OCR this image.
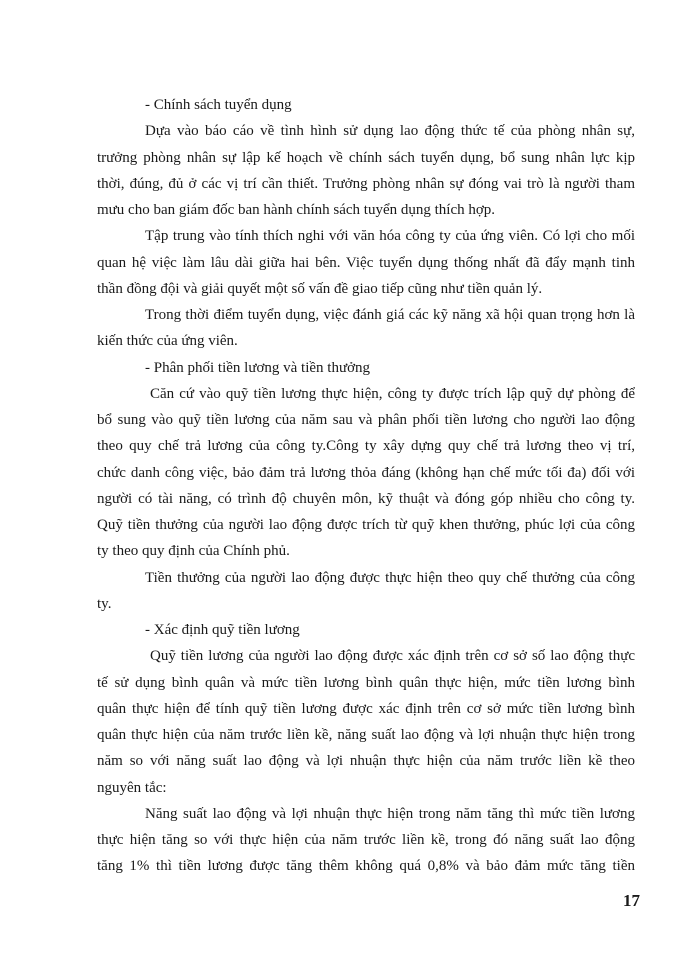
- Chính sách tuyển dụng

Dựa vào báo cáo về tình hình sử dụng lao động thức tế của phòng nhân sự,

trưởng phòng nhân sự lập kế hoạch về chính sách tuyển dụng, bổ sung nhân lực kịp

thời, đúng, đủ ở các vị trí cần thiết. Trưởng phòng nhân sự đóng vai trò là người tham

mưu cho ban giám đốc ban hành chính sách tuyển dụng thích hợp.

Tập trung vào tính thích nghi với văn hóa công ty của ứng viên. Có lợi cho mối

quan hệ việc làm lâu dài giữa hai bên. Việc tuyển dụng thống nhất đã đẩy mạnh tinh

thần đồng đội và giải quyết một số vấn đề giao tiếp cũng như tiền quản lý.

Trong thời điểm tuyển dụng, việc đánh giá các kỹ năng xã hội quan trọng hơn là

kiến thức của ứng viên.

- Phân phối tiền lương và tiền thưởng

Căn cứ vào quỹ tiền lương thực hiện, công ty được trích lập quỹ dự phòng để

bổ sung vào quỹ tiền lương của năm sau và phân phối tiền lương cho người lao động

theo quy chế trả lương của công ty.Công ty xây dựng quy chế trả lương theo vị trí,

chức danh công việc, bảo đảm trả lương thỏa đáng (không hạn chế mức tối đa) đối với

người có tài năng, có trình độ chuyên môn, kỹ thuật và đóng góp nhiều cho công ty.

Quỹ tiền thưởng của người lao động được trích từ quỹ khen thưởng, phúc lợi của công

ty theo quy định của Chính phủ.

Tiền thưởng của người lao động được thực hiện theo quy chế thưởng của công

ty.

- Xác định quỹ tiền lương

Quỹ tiền lương của người lao động được xác định trên cơ sở số lao động thực

tế sử dụng bình quân và mức tiền lương bình quân thực hiện, mức tiền lương bình

quân thực hiện để tính quỹ tiền lương được xác định trên cơ sở mức tiền lương bình

quân thực hiện của năm trước liền kề, năng suất lao động và lợi nhuận thực hiện trong

năm so với năng suất lao động và lợi nhuận thực hiện của năm trước liền kề theo

nguyên tắc:

Năng suất lao động và lợi nhuận thực hiện trong năm tăng thì mức tiền lương

thực hiện tăng so với thực hiện của năm trước liền kề, trong đó năng suất lao động

tăng 1% thì tiền lương được tăng thêm không quá 0,8% và bảo đảm mức tăng tiền

17
